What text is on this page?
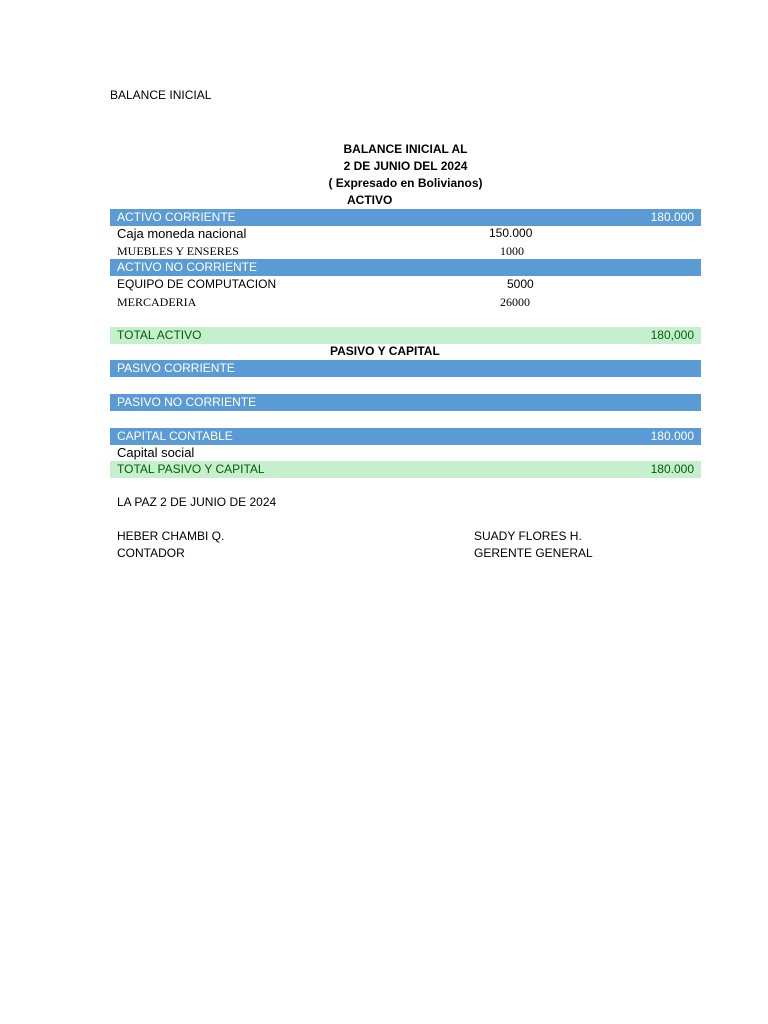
BALANCE INICIAL
BALANCE INICIAL AL
2 DE JUNIO DEL 2024
( Expresado en Bolivianos)
ACTIVO
ACTIVO CORRIENTE	180.000
Caja moneda nacional	150.000
MUEBLES Y ENSERES	1000
ACTIVO NO CORRIENTE
EQUIPO DE COMPUTACION	5000
MERCADERIA	26000
TOTAL ACTIVO	180,000
PASIVO Y CAPITAL
PASIVO CORRIENTE
PASIVO NO CORRIENTE
CAPITAL CONTABLE	180.000
Capital social
TOTAL PASIVO Y CAPITAL	180.000
LA PAZ 2 DE JUNIO DE 2024
HEBER CHAMBI Q.
CONTADOR
SUADY FLORES H.
GERENTE GENERAL
